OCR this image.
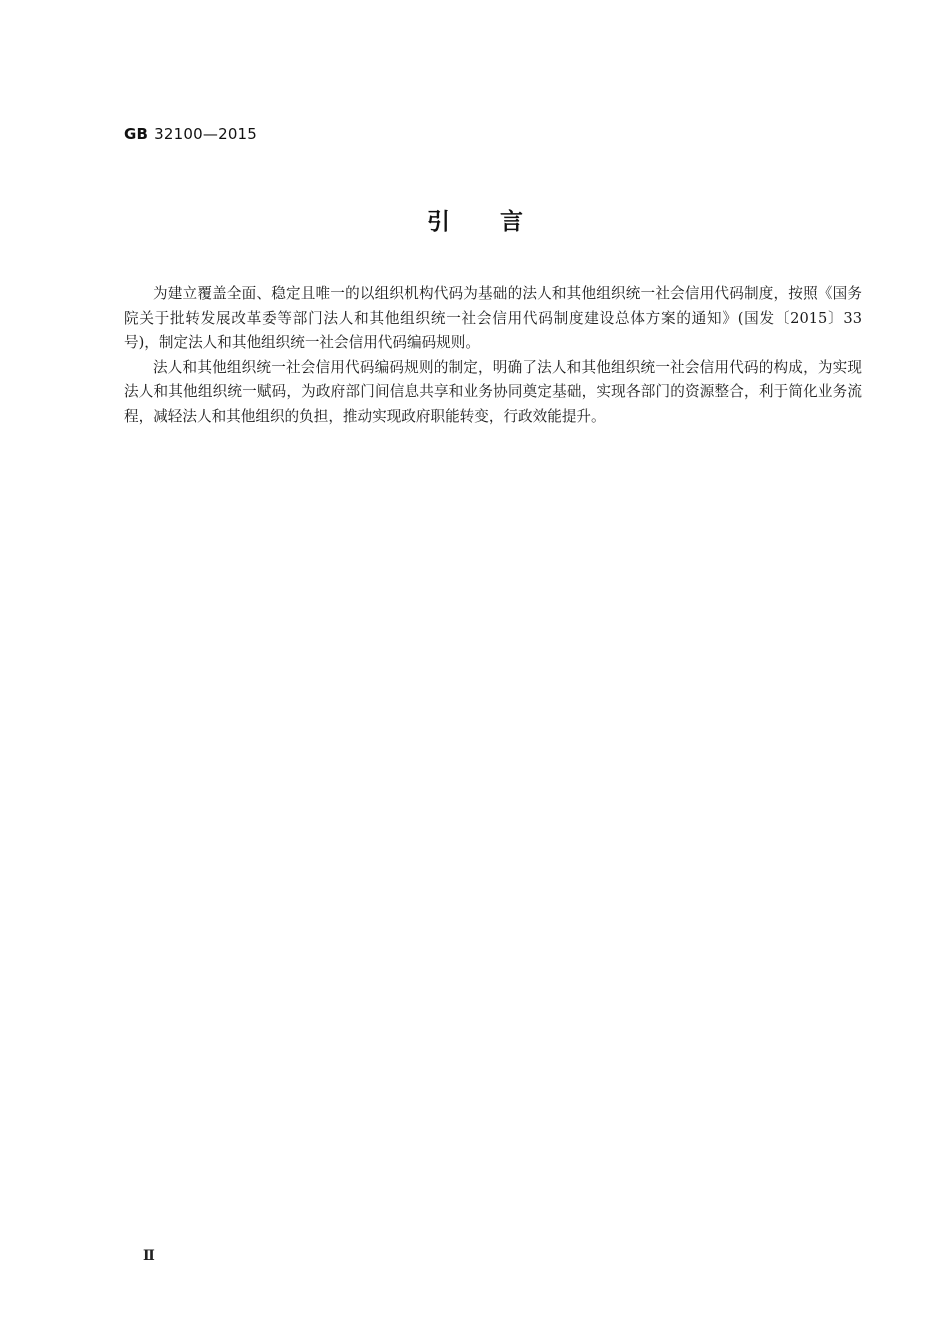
GB 32100—2015
引言

为建立覆盖全面、稳定且唯一的以组织机构代码为基础的法人和其他组织统一社会信用代码制度，按照《国务院关于批转发展改革委等部门法人和其他组织统一社会信用代码制度建设总体方案的通知》(国发〔2015〕33号)，制定法人和其他组织统一社会信用代码编码规则。

法人和其他组织统一社会信用代码编码规则的制定，明确了法人和其他组织统一社会信用代码的构成，为实现法人和其他组织统一赋码，为政府部门间信息共享和业务协同奠定基础，实现各部门的资源整合，利于简化业务流程，减轻法人和其他组织的负担，推动实现政府职能转变，行政效能提升。

Ⅱ
